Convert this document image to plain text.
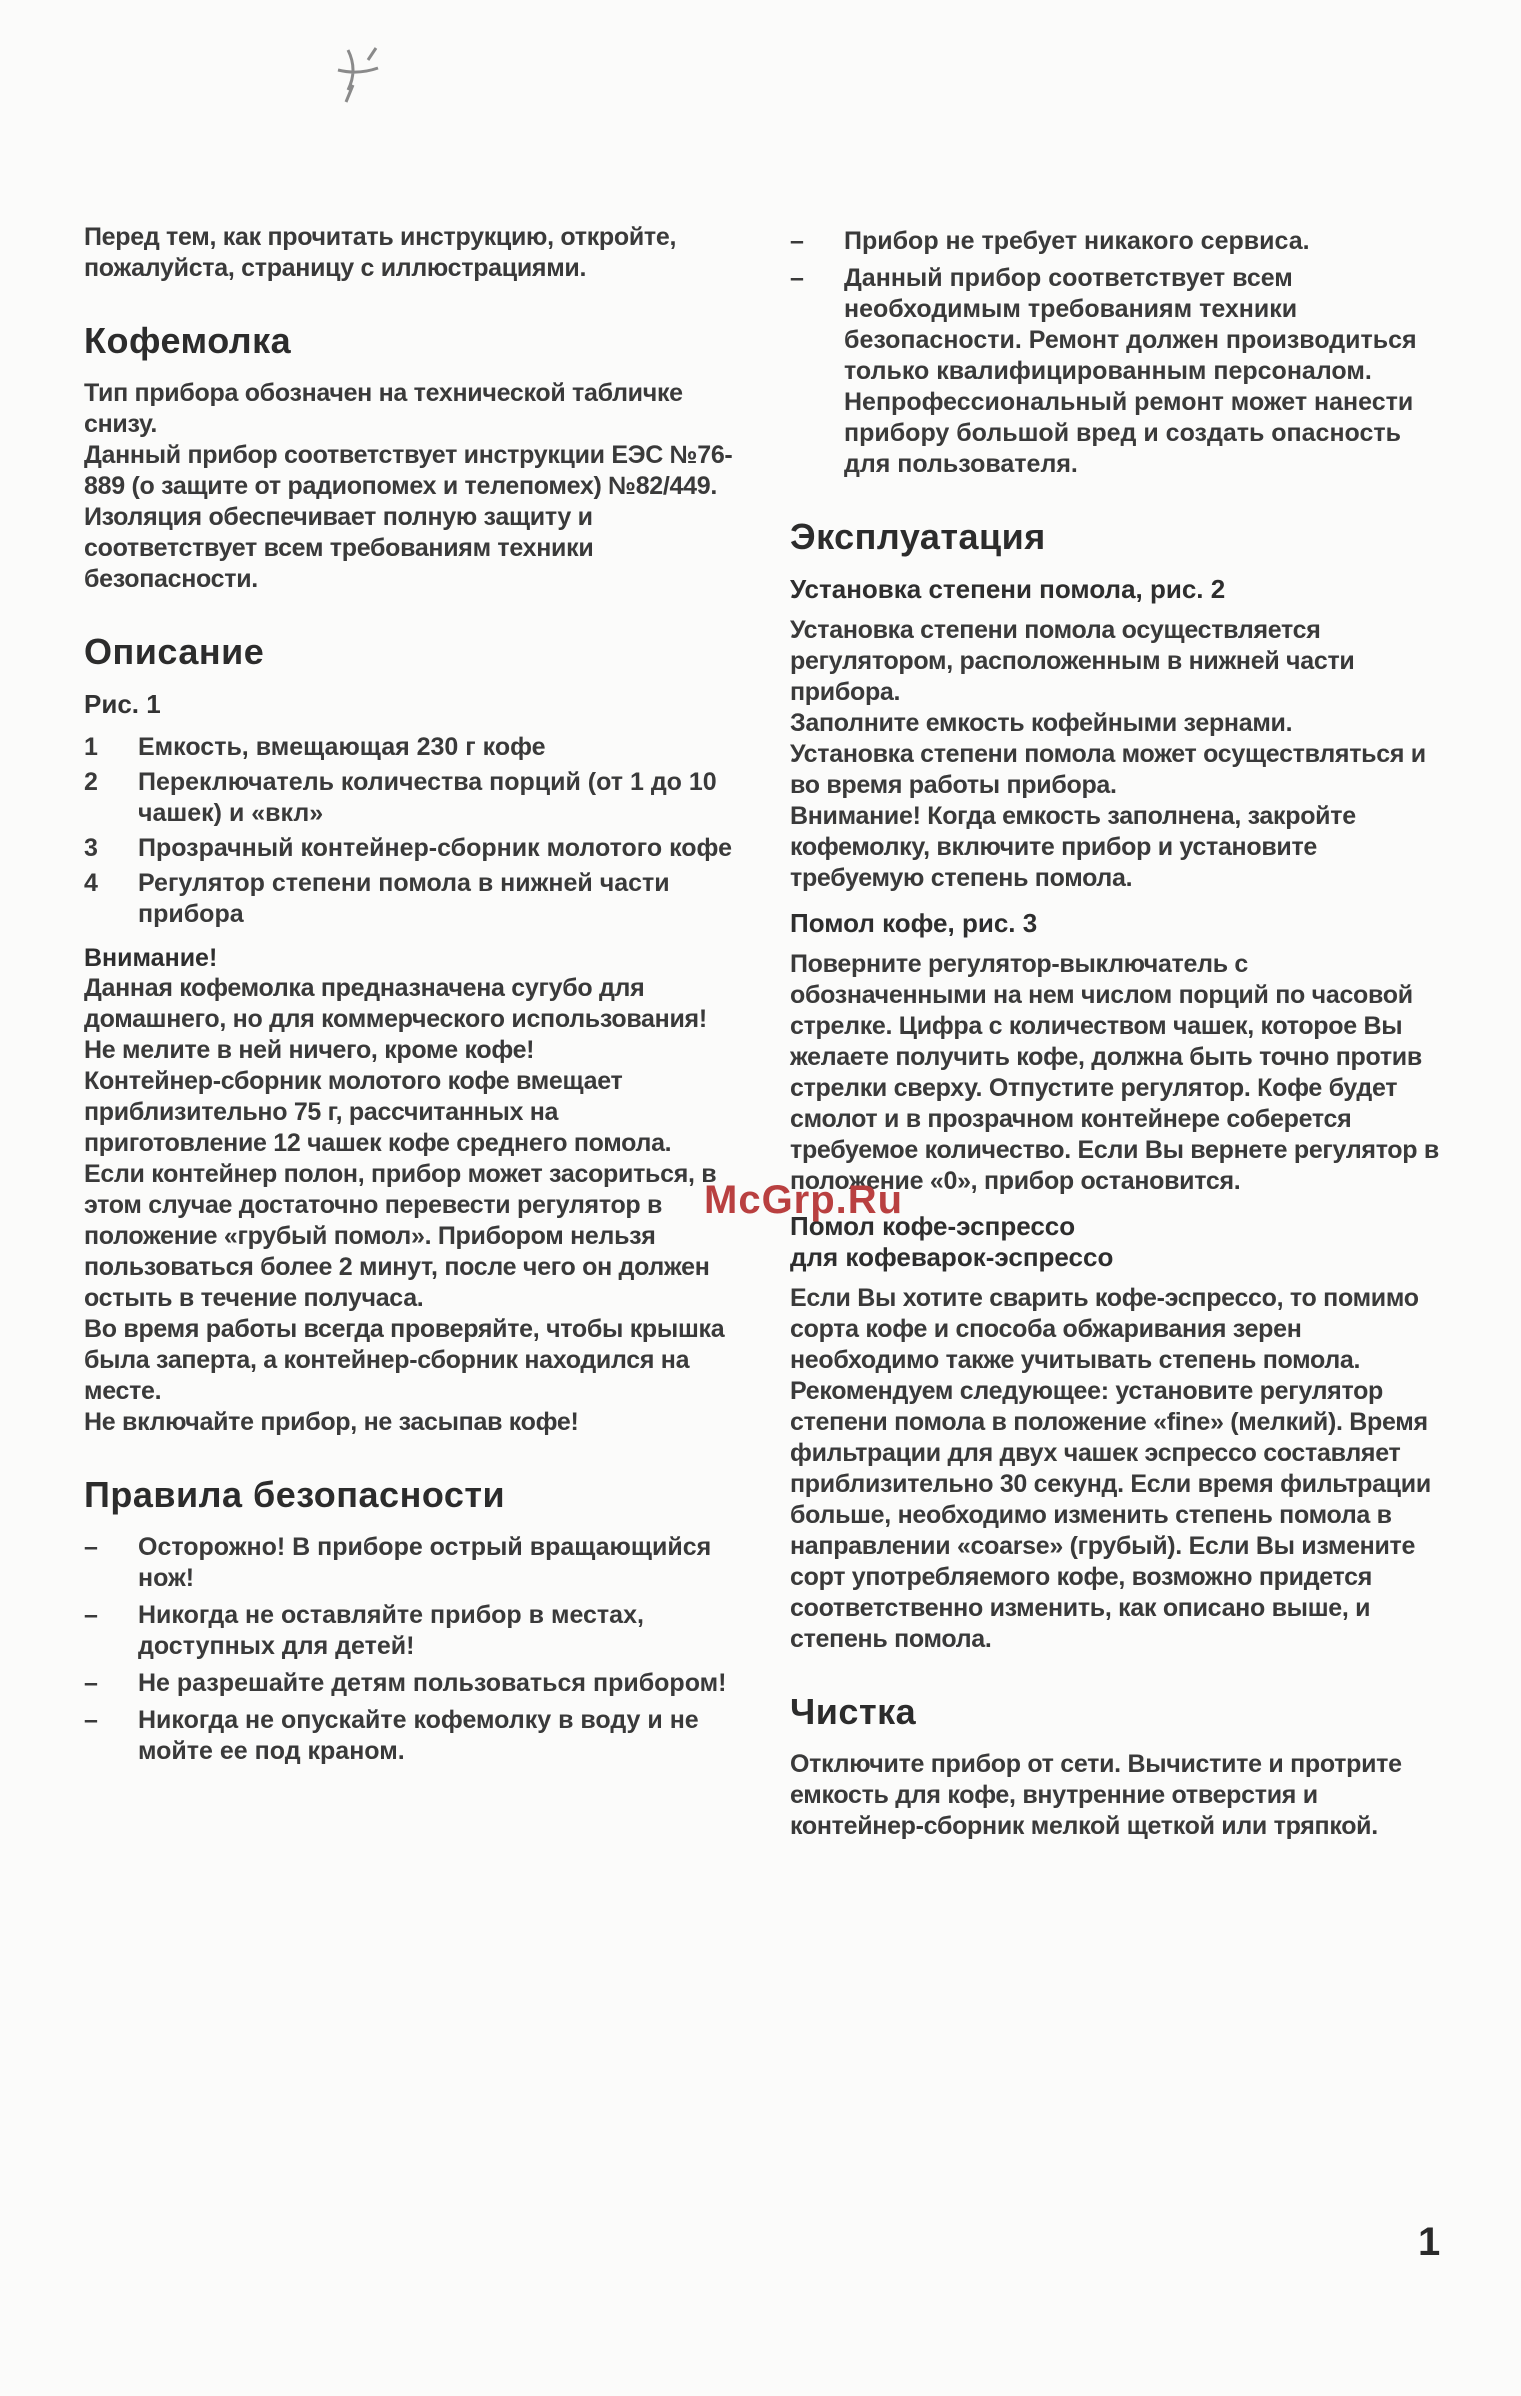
Перед тем, как прочитать инструкцию, откройте, пожалуйста, страницу с иллюстрациями.

Кофемолка

Тип прибора обозначен на технической табличке снизу.

Данный прибор соответствует инструкции ЕЭС №76-889 (о защите от радиопомех и телепомех) №82/449.

Изоляция обеспечивает полную защиту и соответствует всем требованиям техники безопасности.

Описание
Рис. 1
1	Емкость, вмещающая 230 г кофе
2	Переключатель количества порций (от 1 до 10 чашек) и «вкл»
3	Прозрачный контейнер-сборник молотого кофе
4	Регулятор степени помола в нижней части прибора
Внимание!

Данная кофемолка предназначена сугубо для домашнего, но для коммерческого использования! Не мелите в ней ничего, кроме кофе!

Контейнер-сборник молотого кофе вмещает приблизительно 75 г, рассчитанных на приготовление 12 чашек кофе среднего помола. Если контейнер полон, прибор может засориться, в этом случае достаточно перевести регулятор в положение «грубый помол». Прибором нельзя пользоваться более 2 минут, после чего он должен остыть в течение получаса.

Во время работы всегда проверяйте, чтобы крышка была заперта, а контейнер-сборник находился на месте.

Не включайте прибор, не засыпав кофе!

Правила безопасности
–	Осторожно! В приборе острый вращающийся нож!
–	Никогда не оставляйте прибор в местах, доступных для детей!
–	Не разрешайте детям пользоваться прибором!
–	Никогда не опускайте кофемолку в воду и не мойте ее под краном.
–	Прибор не требует никакого сервиса.
–	Данный прибор соответствует всем необходимым требованиям техники безопасности. Ремонт должен производиться только квалифицированным персоналом. Непрофессиональный ремонт может нанести прибору большой вред и создать опасность для пользователя.
Эксплуатация
Установка степени помола, рис. 2

Установка степени помола осуществляется регулятором, расположенным в нижней части прибора.

Заполните емкость кофейными зернами.

Установка степени помола может осуществляться и во время работы прибора.

Внимание! Когда емкость заполнена, закройте кофемолку, включите прибор и установите требуемую степень помола.

Помол кофе, рис. 3

Поверните регулятор-выключатель с обозначенными на нем числом порций по часовой стрелке. Цифра с количеством чашек, которое Вы желаете получить кофе, должна быть точно против стрелки сверху. Отпустите регулятор. Кофе будет смолот и в прозрачном контейнере соберется требуемое количество. Если Вы вернете регулятор в положение «0», прибор остановится.

Помол кофе-эспрессо
для кофеварок-эспрессо

Если Вы хотите сварить кофе-эспрессо, то помимо сорта кофе и способа обжаривания зерен необходимо также учитывать степень помола.

Рекомендуем следующее: установите регулятор степени помола в положение «fine» (мелкий). Время фильтрации для двух чашек эспрессо составляет приблизительно 30 секунд. Если время фильтрации больше, необходимо изменить степень помола в направлении «coarse» (грубый). Если Вы измените сорт употребляемого кофе, возможно придется соответственно изменить, как описано выше, и степень помола.

Чистка

Отключите прибор от сети. Вычистите и протрите емкость для кофе, внутренние отверстия и контейнер-сборник мелкой щеткой или тряпкой.

McGrp.Ru
1
